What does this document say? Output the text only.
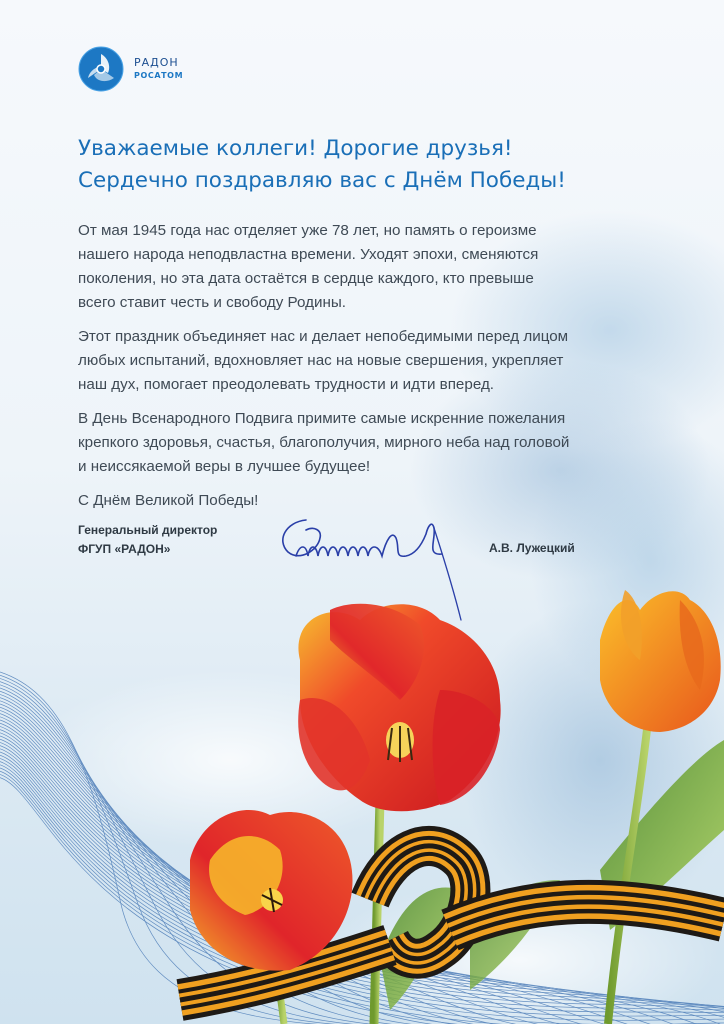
РАДОН
РОСАТОМ
Уважаемые коллеги! Дорогие друзья!
Сердечно поздравляю вас с Днём Победы!
От мая 1945 года нас отделяет уже 78 лет, но память о героизме
нашего народа неподвластна времени. Уходят эпохи, сменяются
поколения, но эта дата остаётся в сердце каждого, кто превыше
всего ставит честь и свободу Родины.
Этот праздник объединяет нас и делает непобедимыми перед лицом
любых испытаний, вдохновляет нас на новые свершения, укрепляет
наш дух, помогает преодолевать трудности и идти вперед.
В День Всенародного Подвига примите самые искренние пожелания
крепкого здоровья, счастья, благополучия, мирного неба над головой
и неиссякаемой веры в лучшее будущее!
С Днём Великой Победы!
Генеральный директор
ФГУП «РАДОН»	А.В. Лужецкий
